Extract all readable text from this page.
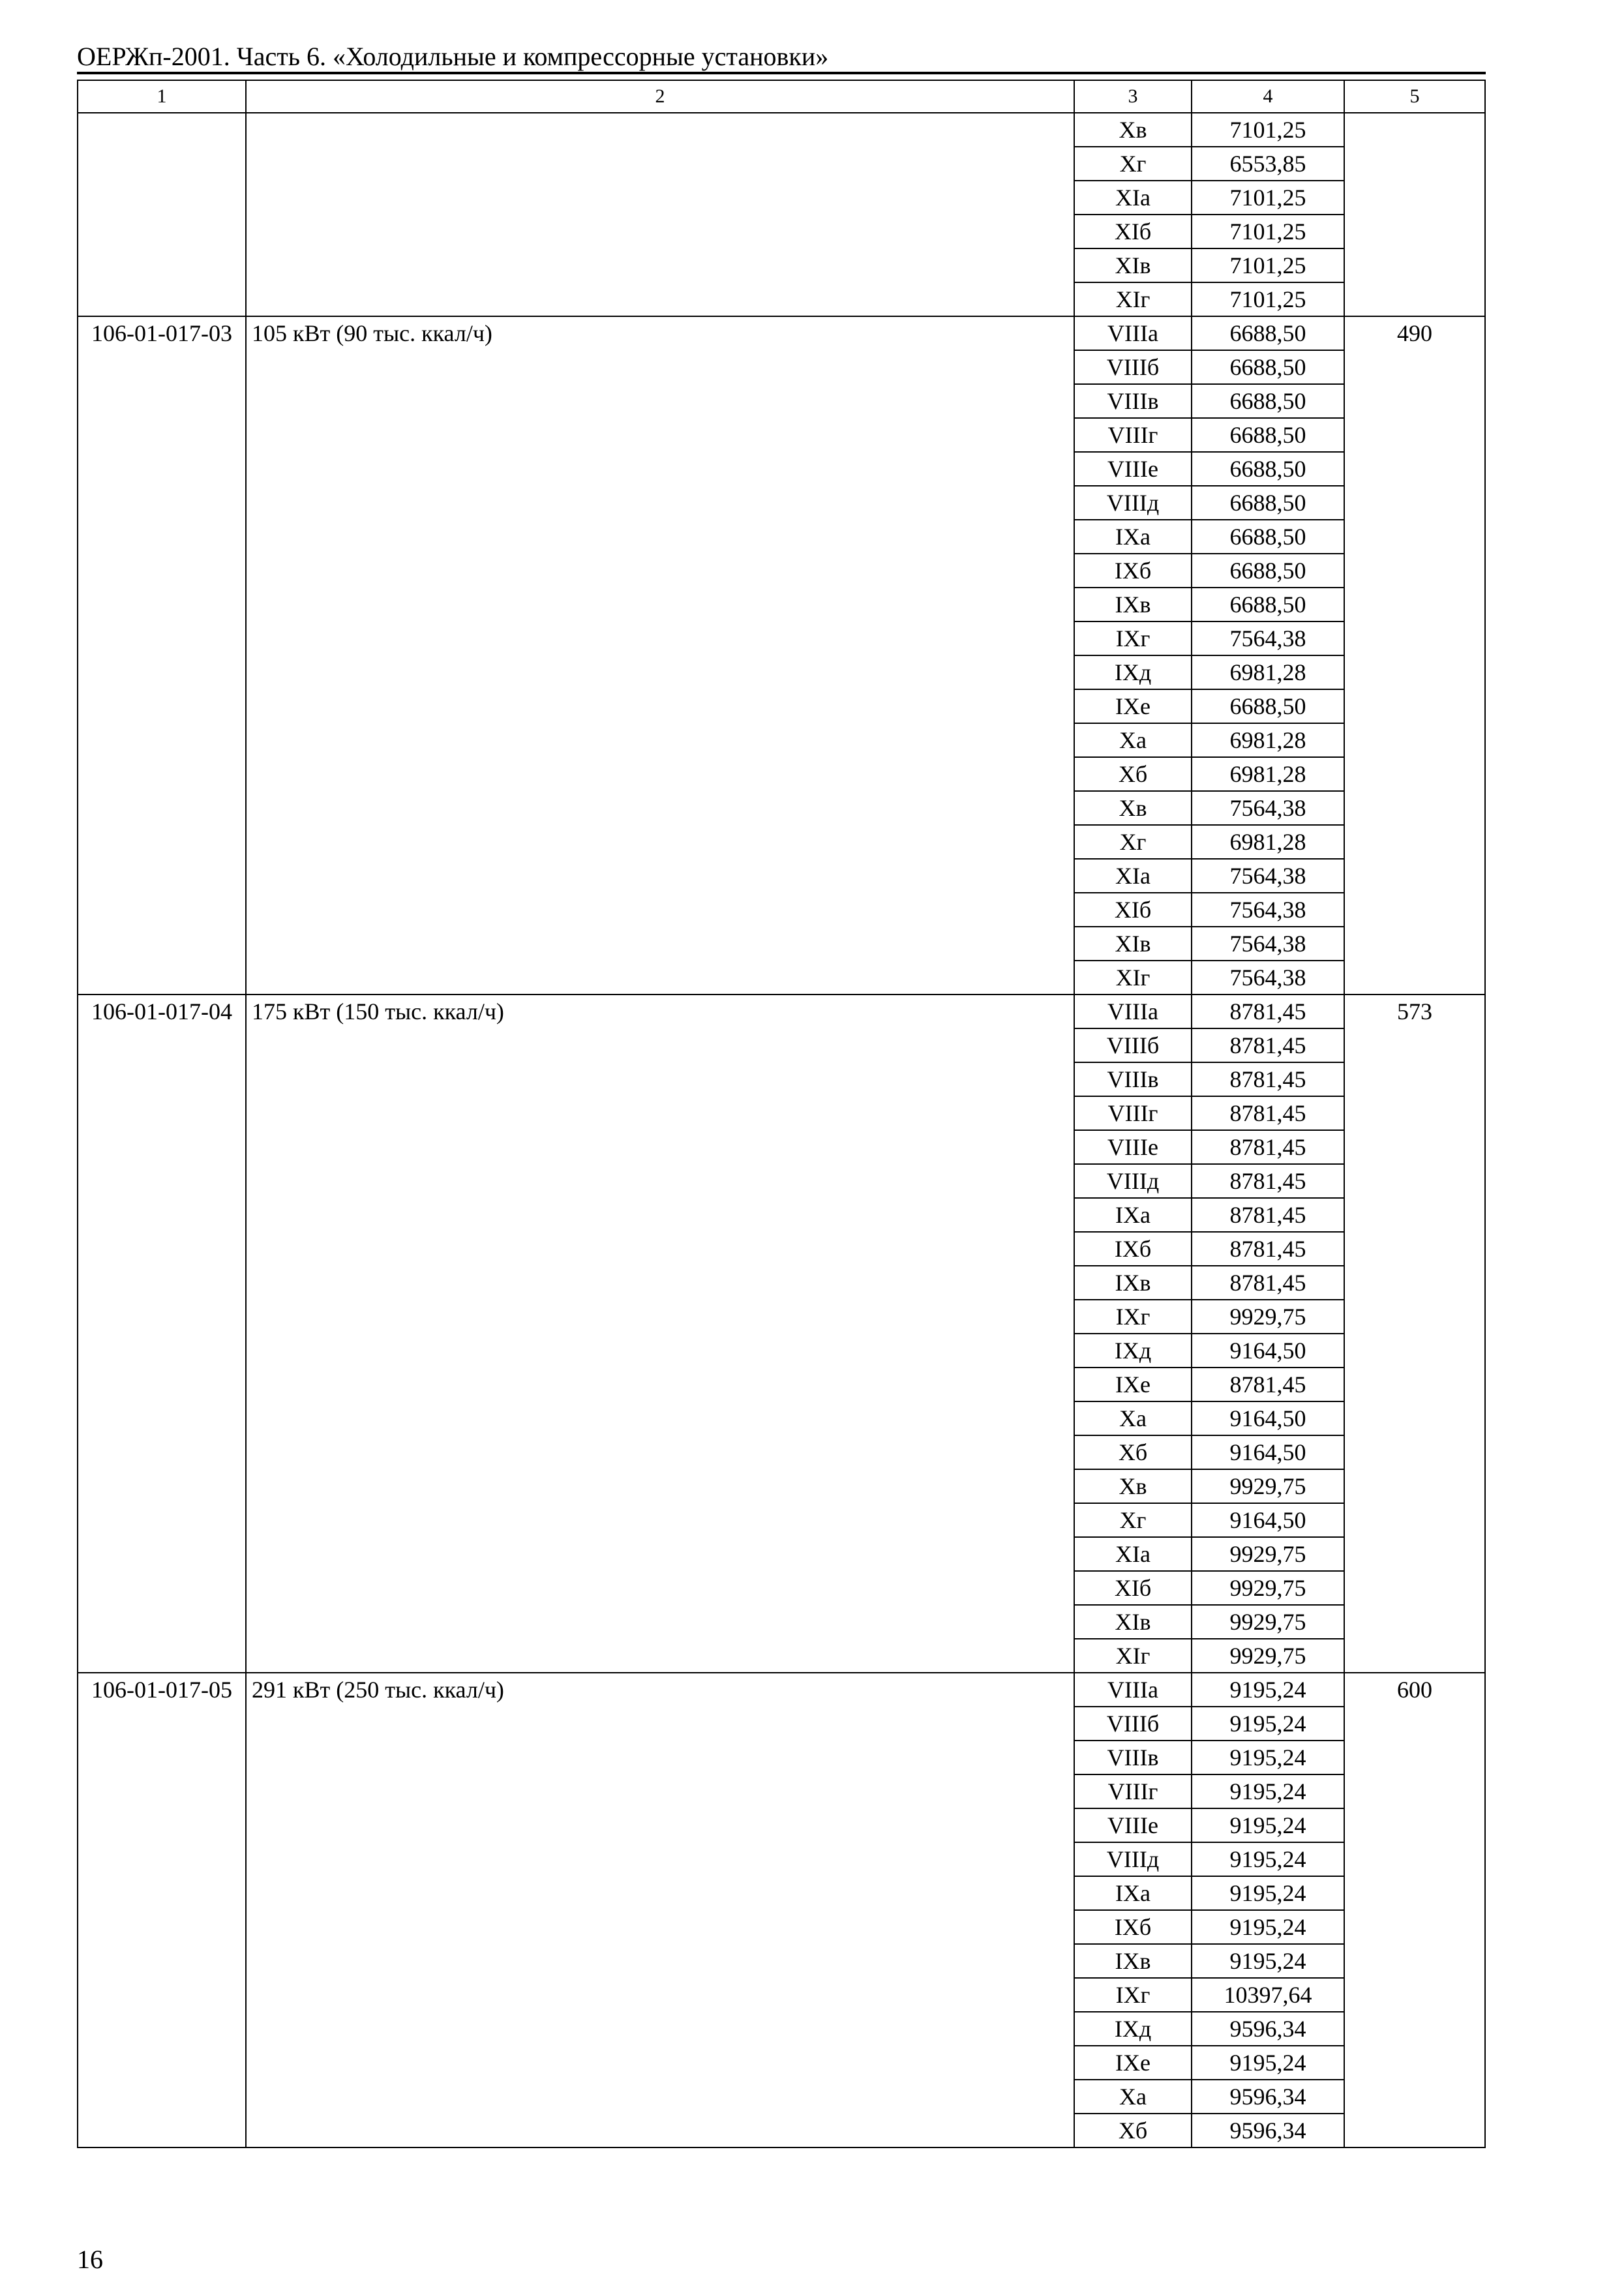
ОЕРЖп-2001. Часть 6. «Холодильные и компрессорные установки»
1	2	3	4	5
		Xв	7101,25	
		Xг	6553,85	
		XIа	7101,25	
		XIб	7101,25	
		XIв	7101,25	
		XIг	7101,25	
106-01-017-03	105 кВт (90 тыс. ккал/ч)	VIIIа	6688,50	490
		VIIIб	6688,50	
		VIIIв	6688,50	
		VIIIг	6688,50	
		VIIIе	6688,50	
		VIIIд	6688,50	
		IXа	6688,50	
		IXб	6688,50	
		IXв	6688,50	
		IXг	7564,38	
		IXд	6981,28	
		IXе	6688,50	
		Xа	6981,28	
		Xб	6981,28	
		Xв	7564,38	
		Xг	6981,28	
		XIа	7564,38	
		XIб	7564,38	
		XIв	7564,38	
		XIг	7564,38	
106-01-017-04	175 кВт (150 тыс. ккал/ч)	VIIIа	8781,45	573
		VIIIб	8781,45	
		VIIIв	8781,45	
		VIIIг	8781,45	
		VIIIе	8781,45	
		VIIIд	8781,45	
		IXа	8781,45	
		IXб	8781,45	
		IXв	8781,45	
		IXг	9929,75	
		IXд	9164,50	
		IXе	8781,45	
		Xа	9164,50	
		Xб	9164,50	
		Xв	9929,75	
		Xг	9164,50	
		XIа	9929,75	
		XIб	9929,75	
		XIв	9929,75	
		XIг	9929,75	
106-01-017-05	291 кВт (250 тыс. ккал/ч)	VIIIа	9195,24	600
		VIIIб	9195,24	
		VIIIв	9195,24	
		VIIIг	9195,24	
		VIIIе	9195,24	
		VIIIд	9195,24	
		IXа	9195,24	
		IXб	9195,24	
		IXв	9195,24	
		IXг	10397,64	
		IXд	9596,34	
		IXе	9195,24	
		Xа	9596,34	
		Xб	9596,34	
16
